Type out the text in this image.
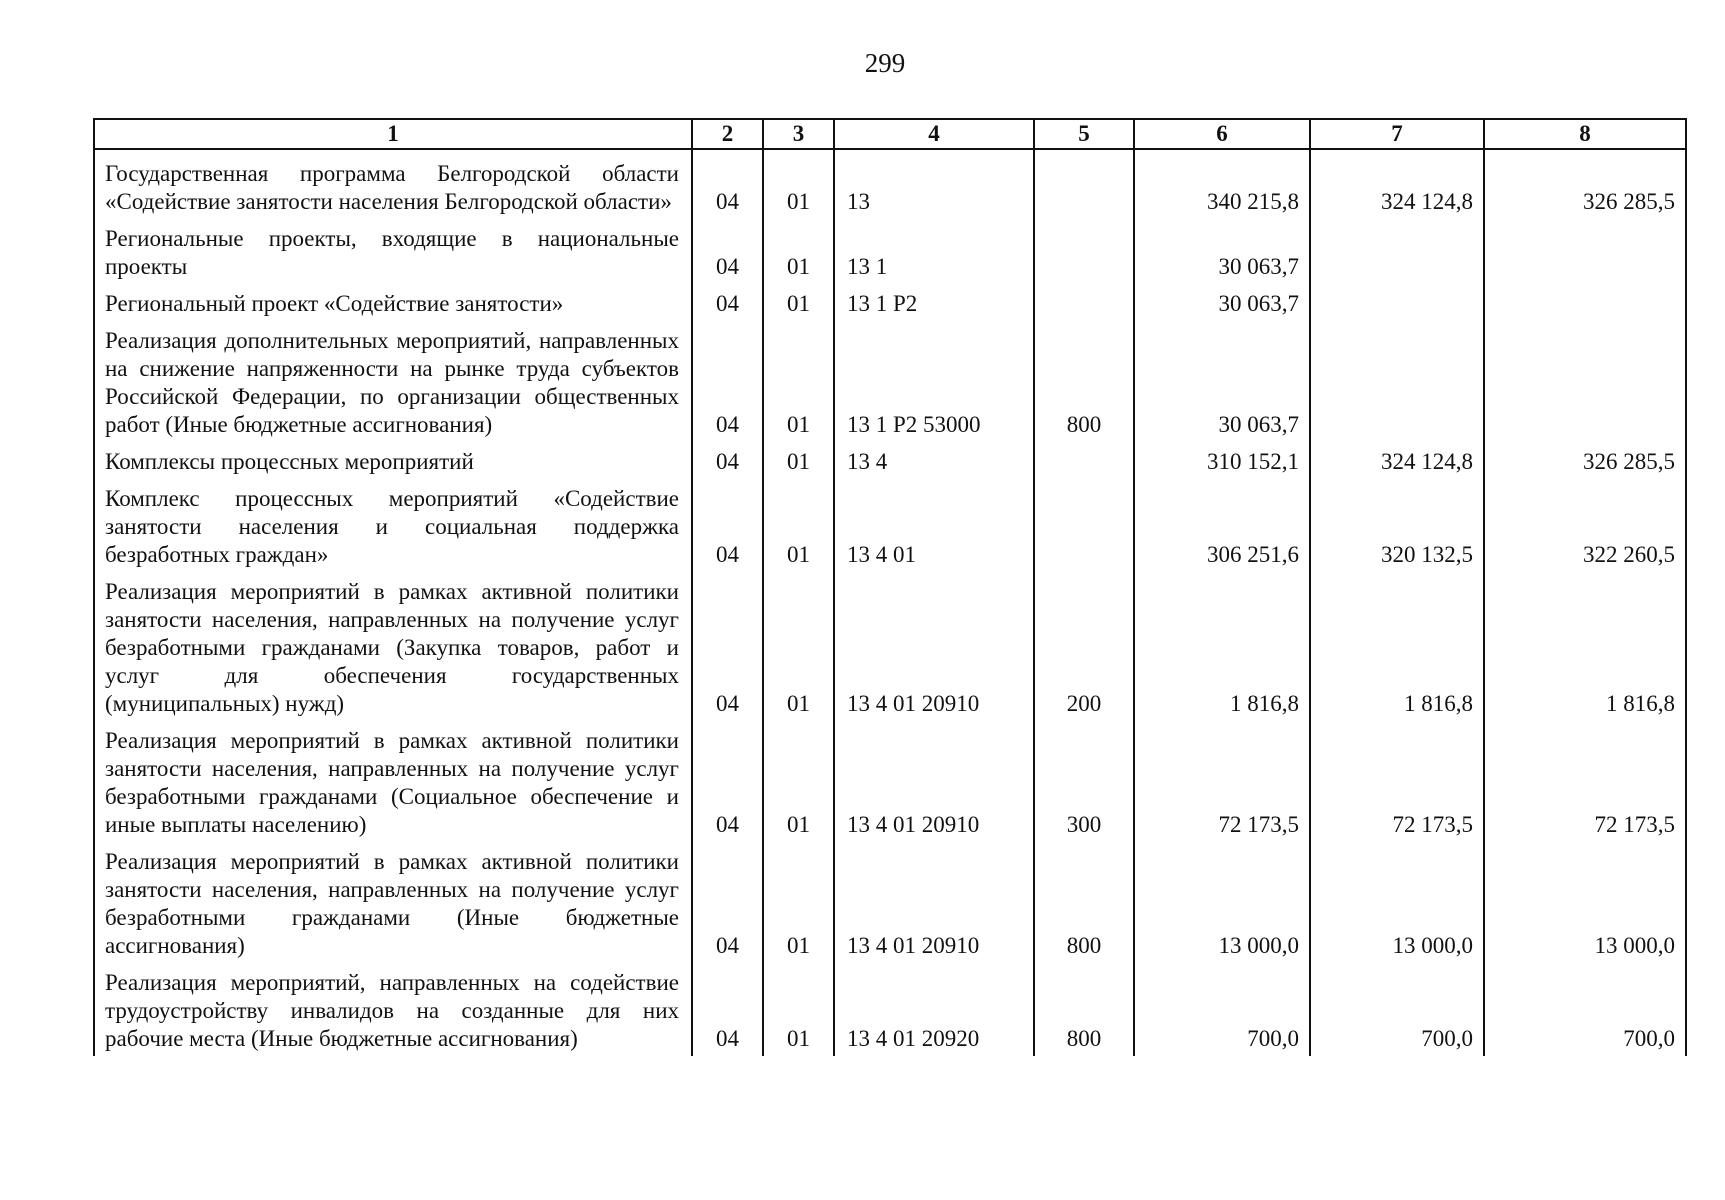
299
1	2	3	4	5	6	7	8
Государственная программа Белгородской области «Содействие занятости населения Белгородской области»	04	01	13		340 215,8	324 124,8	326 285,5
Региональные проекты, входящие в национальные проекты	04	01	13 1		30 063,7		
Региональный проект «Содействие занятости»	04	01	13 1 Р2		30 063,7		
Реализация дополнительных мероприятий, направленных на снижение напряженности на рынке труда субъектов Российской Федерации, по организации общественных работ (Иные бюджетные ассигнования)	04	01	13 1 Р2 53000	800	30 063,7		
Комплексы процессных мероприятий	04	01	13 4		310 152,1	324 124,8	326 285,5
Комплекс процессных мероприятий «Содействие занятости населения и социальная поддержка безработных граждан»	04	01	13 4 01		306 251,6	320 132,5	322 260,5
Реализация мероприятий в рамках активной политики занятости населения, направленных на получение услуг безработными гражданами (Закупка товаров, работ и услуг для обеспечения государственных (муниципальных) нужд)	04	01	13 4 01 20910	200	1 816,8	1 816,8	1 816,8
Реализация мероприятий в рамках активной политики занятости населения, направленных на получение услуг безработными гражданами (Социальное обеспечение и иные выплаты населению)	04	01	13 4 01 20910	300	72 173,5	72 173,5	72 173,5
Реализация мероприятий в рамках активной политики занятости населения, направленных на получение услуг безработными гражданами (Иные бюджетные ассигнования)	04	01	13 4 01 20910	800	13 000,0	13 000,0	13 000,0
Реализация мероприятий, направленных на содействие трудоустройству инвалидов на созданные для них рабочие места (Иные бюджетные ассигнования)	04	01	13 4 01 20920	800	700,0	700,0	700,0
